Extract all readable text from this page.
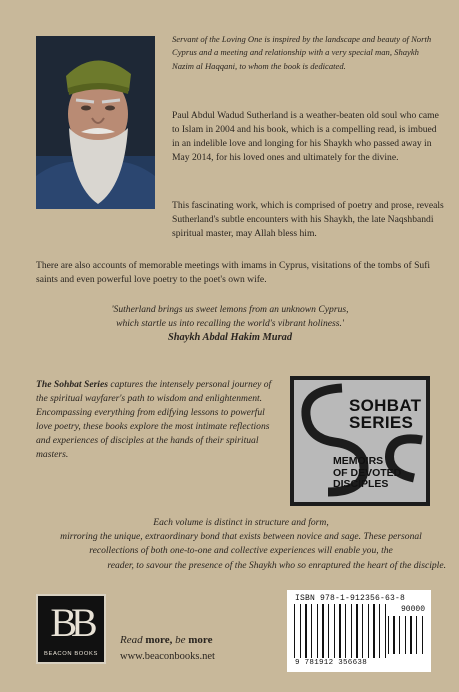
Servant of the Loving One is inspired by the landscape and beauty of North Cyprus and a meeting and relationship with a very special man, Shaykh Nazim al Haqqani, to whom the book is dedicated.
Paul Abdul Wadud Sutherland is a weather-beaten old soul who came to Islam in 2004 and his book, which is a compelling read, is imbued in an indelible love and longing for his Shaykh who passed away in May 2014, for his loved ones and ultimately for the divine.
This fascinating work, which is comprised of poetry and prose, reveals Sutherland's subtle encounters with his Shaykh, the late Naqshbandi spiritual master, may Allah bless him.
There are also accounts of memorable meetings with imams in Cyprus, visitations of the tombs of Sufi saints and even powerful love poetry to the poet's own wife.
'Sutherland brings us sweet lemons from an unknown Cyprus,
which startle us into recalling the world's vibrant holiness.'
Shaykh Abdal Hakim Murad
The Sohbat Series captures the intensely personal journey of the spiritual wayfarer's path to wisdom and enlightenment. Encompassing everything from edifying lessons to powerful love poetry, these books explore the most intimate reflections and experiences of disciples at the hands of their spiritual masters.
SOHBAT
SERIES
MEMOIRS
OF DEVOTED
DISCIPLES
Each volume is distinct in structure and form,
mirroring the unique, extraordinary bond that exists between novice and sage. These personal recollections of both one-to-one and collective experiences will enable you, the
reader, to savour the presence of the Shaykh who so enraptured the heart of the disciple.
BB
BEACON BOOKS
Read more, be more
www.beaconbooks.net
ISBN 978-1-912356-63-8
90000
9 781912 356638
